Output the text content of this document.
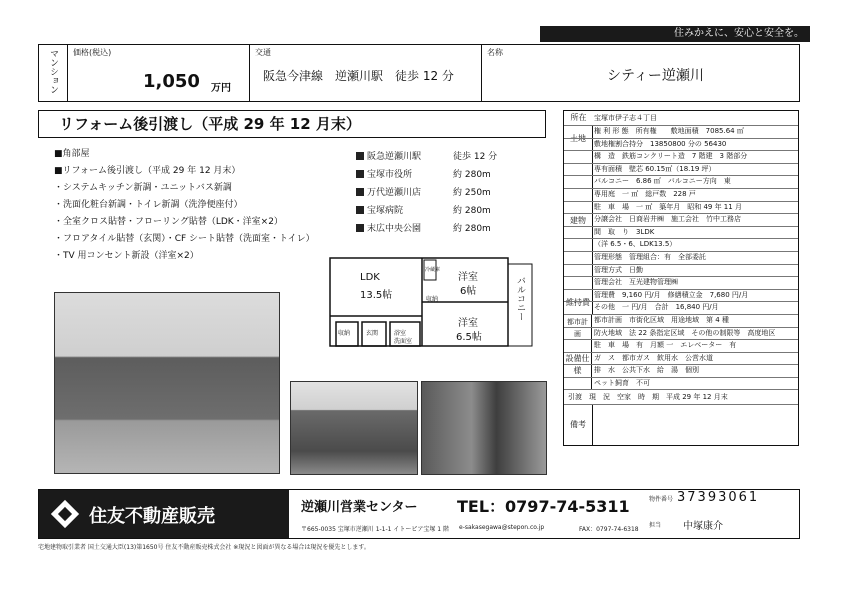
住みかえに、安心と安全を。
マンション 価格(税込)
1,050 万円
交通
阪急今津線　逆瀬川駅　徒歩 12 分
名称
シティー逆瀬川
リフォーム後引渡し（平成 29 年 12 月末）
■角部屋
■リフォーム後引渡し（平成 29 年 12 月末）
・システムキッチン新調・ユニットバス新調
・洗面化粧台新調・トイレ新調（洗浄便座付）
・全室クロス貼替・フローリング貼替（LDK・洋室×2）
・フロアタイル貼替（玄関）・CF シート貼替（洗面室・トイレ）
・TV 用コンセント新設（洋室×2）
阪急逆瀬川駅	徒歩 12 分
宝塚市役所	約 280m
万代逆瀬川店	約 250m
宝塚病院	約 280m
末広中央公園	約 280m
LDK
13.5帖
洋室
6帖
洋室
6.5帖
バルコニー
収納	玄関	浴室
洗面室
冷蔵庫
収納
所在	宝塚市伊子志４丁目
土地
権 利 形 態　所有権　　敷地面積　7085.64 ㎡
敷地権割合持分　13850800 分の 56430
建物
構　造　鉄筋コンクリート造　7 階建　3 階部分
専有面積　壁芯 60.15㎡（18.19 坪）
バルコニー　6.86 ㎡　バルコニー方向　東
専用庭　一 ㎡　総戸数　228 戸
駐　車　場　一 ㎡　築年月　昭和 49 年 11 月
分譲会社　日商岩井㈱　施工会社　竹中工務店
間　取　り　3LDK
（洋 6.5・6、LDK13.5）
管理形態　管理組合：有　全部委託
管理方式　日勤
管理会社　互光建物管理㈱
維持費
管理費　9,160 円/月　修繕積立金　7,680 円/月
その他　一 円/月　合計　16,840 円/月
都市計画
都市計画　市街化区域　用途地域　第 4 種
防火地域　法 22 条指定区域　その他の制限等　高度地区
設備仕様
駐　車　場　有　月額 一　エレベーター　有
ガ　ス　都市ガス　飲用水　公営水道
排　水　公共下水　給　湯　個別
ペット飼育　不可
引渡　現　況　空家　時　期　平成 29 年 12 月末
備考
住友不動産販売	逆瀬川営業センター TEL：0797-74-5311
〒665-0035 宝塚市逆瀬川 1-1-1 イトーピア宝塚 1 階 e-sakasegawa@stepon.co.jp	FAX：0797-74-6318
物件番号 37393061
担当 中塚康介
宅地建物取引業者 国土交通大臣(13)第1650号 住友不動産販売株式会社 ※現況と図面が異なる場合は現況を優先とします。
